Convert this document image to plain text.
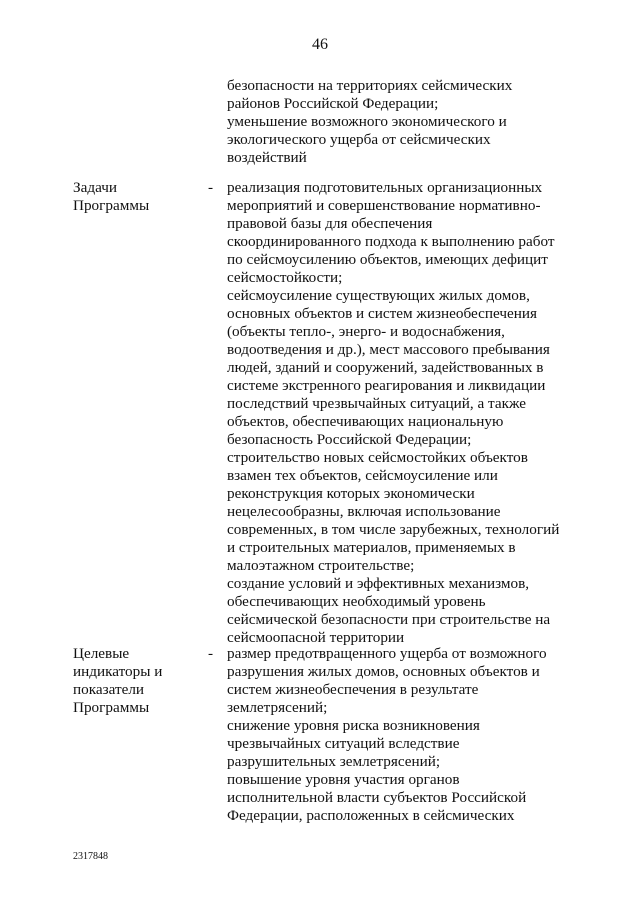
46
безопасности на территориях сейсмических
районов Российской Федерации;
уменьшение возможного экономического и
экологического ущерба от сейсмических
воздействий
Задачи
Программы
- реализация подготовительных организационных
мероприятий и совершенствование нормативно-
правовой базы для обеспечения
скоординированного подхода к выполнению работ
по сейсмоусилению объектов, имеющих дефицит
сейсмостойкости;
сейсмоусиление существующих жилых домов,
основных объектов и систем жизнеобеспечения
(объекты тепло-, энерго- и водоснабжения,
водоотведения и др.), мест массового пребывания
людей, зданий и сооружений, задействованных в
системе экстренного реагирования и ликвидации
последствий чрезвычайных ситуаций, а также
объектов, обеспечивающих национальную
безопасность Российской Федерации;
строительство новых сейсмостойких объектов
взамен тех объектов, сейсмоусиление или
реконструкция которых экономически
нецелесообразны, включая использование
современных, в том числе зарубежных, технологий
и строительных материалов, применяемых в
малоэтажном строительстве;
создание условий и эффективных механизмов,
обеспечивающих необходимый уровень
сейсмической безопасности при строительстве на
сейсмоопасной территории
Целевые
индикаторы и
показатели
Программы
- размер предотвращенного ущерба от возможного
разрушения жилых домов, основных объектов и
систем жизнеобеспечения в результате
землетрясений;
снижение уровня риска возникновения
чрезвычайных ситуаций вследствие
разрушительных землетрясений;
повышение уровня участия органов
исполнительной власти субъектов Российской
Федерации, расположенных в сейсмических
2317848
